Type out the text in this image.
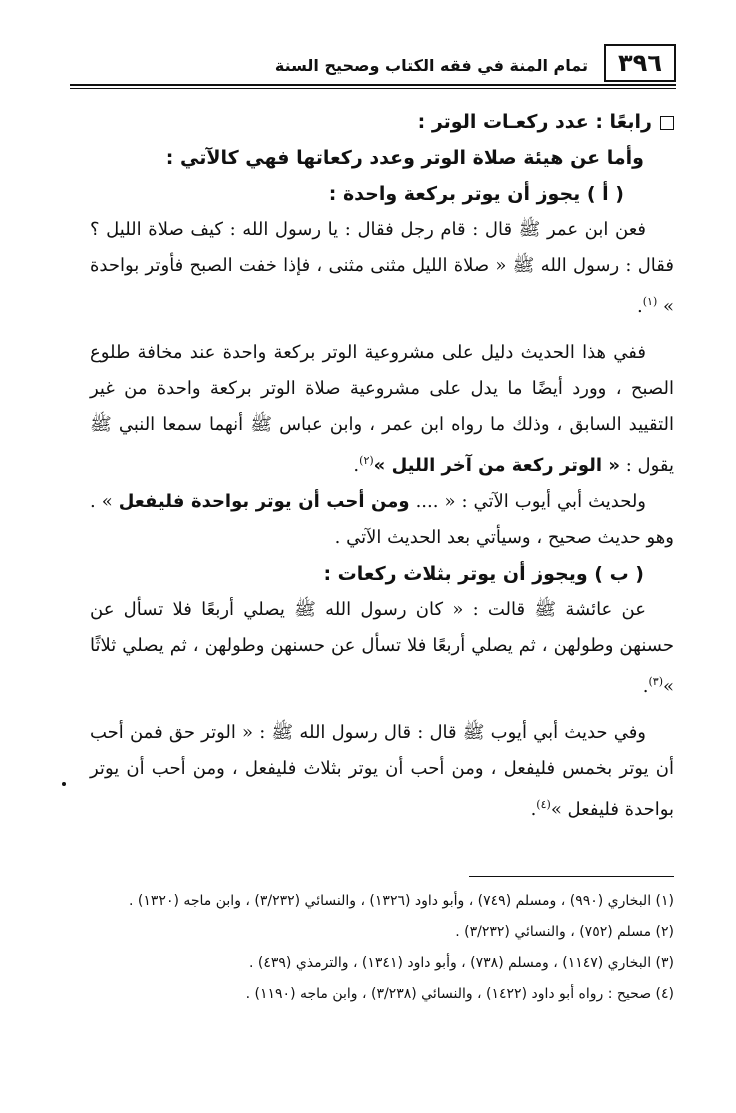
٣٩٦
تمام المنة في فقه الكتاب وصحيح السنة

رابعًا : عدد ركعـات الوتر :

وأما عن هيئة صلاة الوتر وعدد ركعاتها فهي كالآتي :

( أ ) يجوز أن يوتر بركعة واحدة :

فعن ابن عمر ﷺ قال : قام رجل فقال : يا رسول الله : كيف صلاة الليل ؟ فقال : رسول الله ﷺ « صلاة الليل مثنى مثنى ، فإذا خفت الصبح فأوتر بواحدة » $^{(١)}$.

ففي هذا الحديث دليل على مشروعية الوتر بركعة واحدة عند مخافة طلوع الصبح ، وورد أيضًا ما يدل على مشروعية صلاة الوتر بركعة واحدة من غير التقييد السابق ، وذلك ما رواه ابن عمر ، وابن عباس ﷺ أنهما سمعا النبي ﷺ يقول : « الوتر ركعة من آخر الليل »$^{(٢)}$.

ولحديث أبي أيوب الآتي : « .... ومن أحب أن يوتر بواحدة فليفعل » . وهو حديث صحيح ، وسيأتي بعد الحديث الآتي .

( ب ) ويجوز أن يوتر بثلاث ركعات :

عن عائشة ﷺ قالت : « كان رسول الله ﷺ يصلي أربعًا فلا تسأل عن حسنهن وطولهن ، ثم يصلي أربعًا فلا تسأل عن حسنهن وطولهن ، ثم يصلي ثلاثًا »$^{(٣)}$.

وفي حديث أبي أيوب ﷺ قال : قال رسول الله ﷺ : « الوتر حق فمن أحب أن يوتر بخمس فليفعل ، ومن أحب أن يوتر بثلاث فليفعل ، ومن أحب أن يوتر بواحدة فليفعل »$^{(٤)}$.

(١) البخاري (٩٩٠) ، ومسلم (٧٤٩) ، وأبو داود (١٣٢٦) ، والنسائي (٣/٢٣٢) ، وابن ماجه (١٣٢٠) .

(٢) مسلم (٧٥٢) ، والنسائي (٣/٢٣٢) .

(٣) البخاري (١١٤٧) ، ومسلم (٧٣٨) ، وأبو داود (١٣٤١) ، والترمذي (٤٣٩) .

(٤) صحيح : رواه أبو داود (١٤٢٢) ، والنسائي (٣/٢٣٨) ، وابن ماجه (١١٩٠) .
